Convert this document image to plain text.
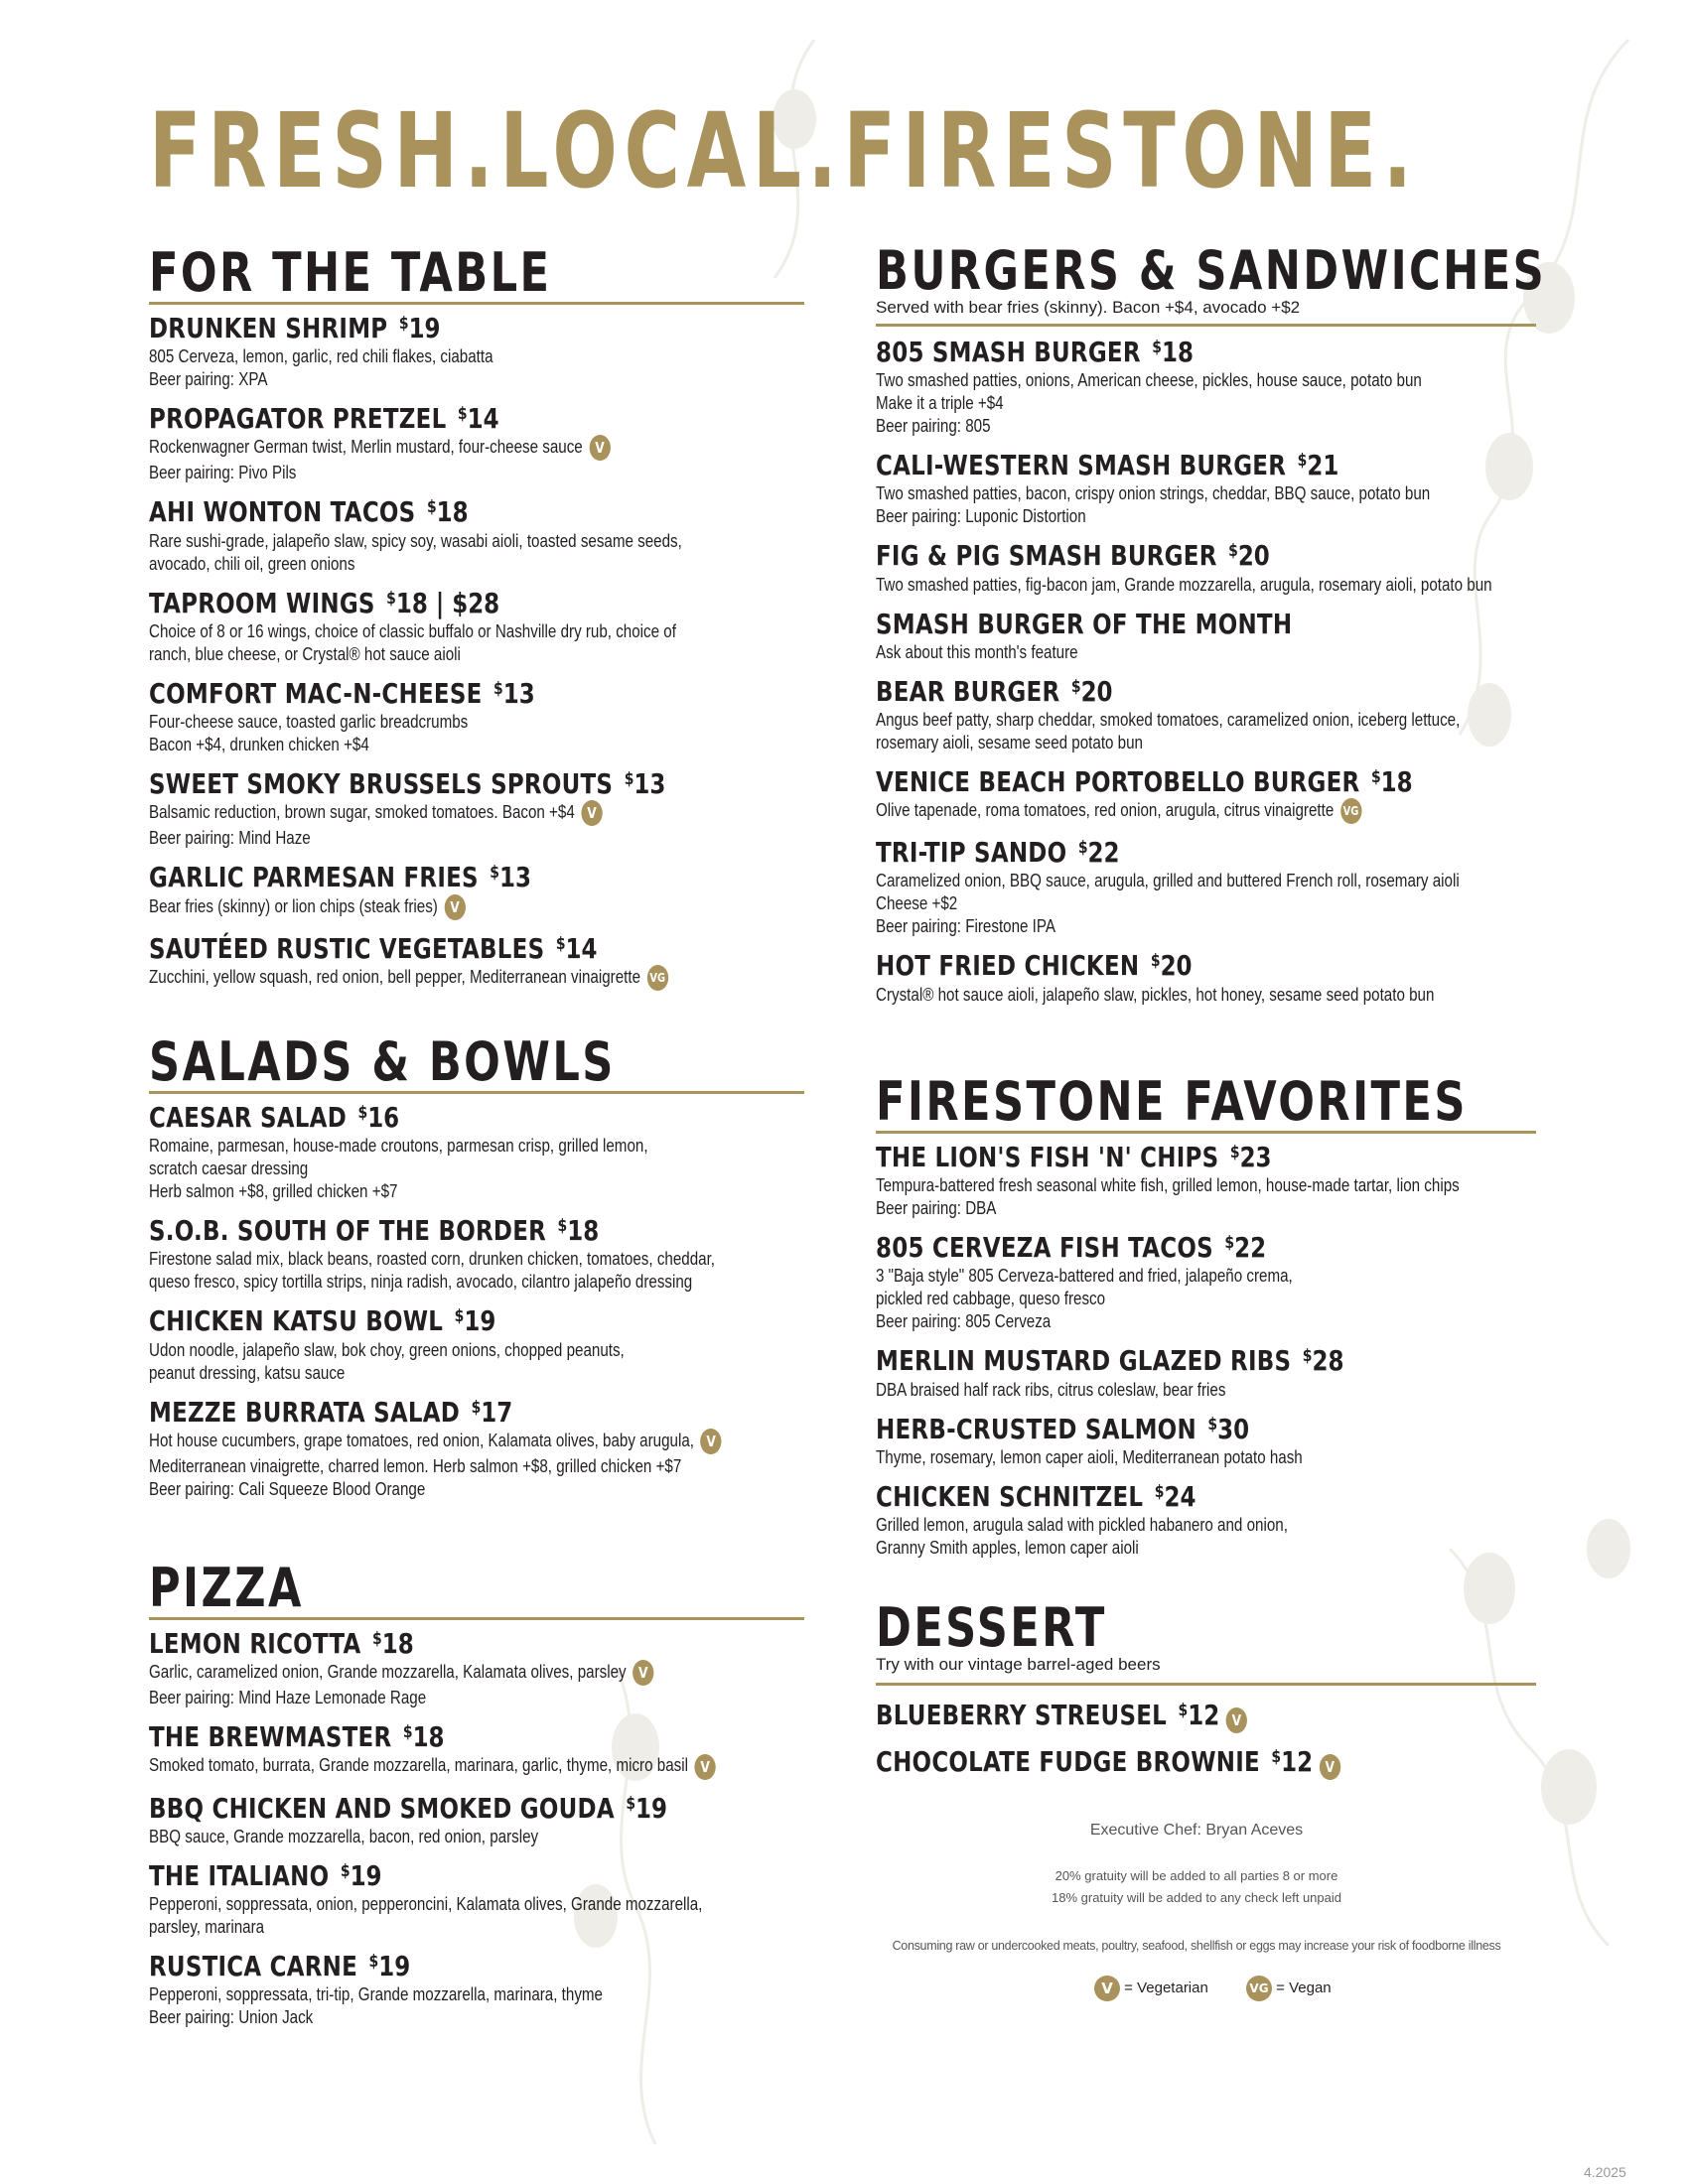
FRESH.LOCAL.FIRESTONE.
FOR THE TABLE
DRUNKEN SHRIMP $19
805 Cerveza, lemon, garlic, red chili flakes, ciabatta
Beer pairing: XPA
PROPAGATOR PRETZEL $14
Rockenwagner German twist, Merlin mustard, four-cheese sauce V
Beer pairing: Pivo Pils
AHI WONTON TACOS $18
Rare sushi-grade, jalapeño slaw, spicy soy, wasabi aioli, toasted sesame seeds,
avocado, chili oil, green onions
TAPROOM WINGS $18 | $28
Choice of 8 or 16 wings, choice of classic buffalo or Nashville dry rub, choice of
ranch, blue cheese, or Crystal® hot sauce aioli
COMFORT MAC-N-CHEESE $13
Four-cheese sauce, toasted garlic breadcrumbs
Bacon +$4, drunken chicken +$4
SWEET SMOKY BRUSSELS SPROUTS $13
Balsamic reduction, brown sugar, smoked tomatoes. Bacon +$4 V
Beer pairing: Mind Haze
GARLIC PARMESAN FRIES $13
Bear fries (skinny) or lion chips (steak fries) V
SAUTÉED RUSTIC VEGETABLES $14
Zucchini, yellow squash, red onion, bell pepper, Mediterranean vinaigrette VG
SALADS & BOWLS
CAESAR SALAD $16
Romaine, parmesan, house-made croutons, parmesan crisp, grilled lemon,
scratch caesar dressing
Herb salmon +$8, grilled chicken +$7
S.O.B. SOUTH OF THE BORDER $18
Firestone salad mix, black beans, roasted corn, drunken chicken, tomatoes, cheddar,
queso fresco, spicy tortilla strips, ninja radish, avocado, cilantro jalapeño dressing
CHICKEN KATSU BOWL $19
Udon noodle, jalapeño slaw, bok choy, green onions, chopped peanuts,
peanut dressing, katsu sauce
MEZZE BURRATA SALAD $17
Hot house cucumbers, grape tomatoes, red onion, Kalamata olives, baby arugula, V
Mediterranean vinaigrette, charred lemon. Herb salmon +$8, grilled chicken +$7
Beer pairing: Cali Squeeze Blood Orange
PIZZA
LEMON RICOTTA $18
Garlic, caramelized onion, Grande mozzarella, Kalamata olives, parsley V
Beer pairing: Mind Haze Lemonade Rage
THE BREWMASTER $18
Smoked tomato, burrata, Grande mozzarella, marinara, garlic, thyme, micro basil V
BBQ CHICKEN AND SMOKED GOUDA $19
BBQ sauce, Grande mozzarella, bacon, red onion, parsley
THE ITALIANO $19
Pepperoni, soppressata, onion, pepperoncini, Kalamata olives, Grande mozzarella,
parsley, marinara
RUSTICA CARNE $19
Pepperoni, soppressata, tri-tip, Grande mozzarella, marinara, thyme
Beer pairing: Union Jack
BURGERS & SANDWICHES
Served with bear fries (skinny). Bacon +$4, avocado +$2
805 SMASH BURGER $18
Two smashed patties, onions, American cheese, pickles, house sauce, potato bun
Make it a triple +$4
Beer pairing: 805
CALI-WESTERN SMASH BURGER $21
Two smashed patties, bacon, crispy onion strings, cheddar, BBQ sauce, potato bun
Beer pairing: Luponic Distortion
FIG & PIG SMASH BURGER $20
Two smashed patties, fig-bacon jam, Grande mozzarella, arugula, rosemary aioli, potato bun
SMASH BURGER OF THE MONTH
Ask about this month's feature
BEAR BURGER $20
Angus beef patty, sharp cheddar, smoked tomatoes, caramelized onion, iceberg lettuce,
rosemary aioli, sesame seed potato bun
VENICE BEACH PORTOBELLO BURGER $18
Olive tapenade, roma tomatoes, red onion, arugula, citrus vinaigrette VG
TRI-TIP SANDO $22
Caramelized onion, BBQ sauce, arugula, grilled and buttered French roll, rosemary aioli
Cheese +$2
Beer pairing: Firestone IPA
HOT FRIED CHICKEN $20
Crystal® hot sauce aioli, jalapeño slaw, pickles, hot honey, sesame seed potato bun
FIRESTONE FAVORITES
THE LION'S FISH 'N' CHIPS $23
Tempura-battered fresh seasonal white fish, grilled lemon, house-made tartar, lion chips
Beer pairing: DBA
805 CERVEZA FISH TACOS $22
3 "Baja style" 805 Cerveza-battered and fried, jalapeño crema,
pickled red cabbage, queso fresco
Beer pairing: 805 Cerveza
MERLIN MUSTARD GLAZED RIBS $28
DBA braised half rack ribs, citrus coleslaw, bear fries
HERB-CRUSTED SALMON $30
Thyme, rosemary, lemon caper aioli, Mediterranean potato hash
CHICKEN SCHNITZEL $24
Grilled lemon, arugula salad with pickled habanero and onion,
Granny Smith apples, lemon caper aioli
DESSERT
Try with our vintage barrel-aged beers
BLUEBERRY STREUSEL $12 V
CHOCOLATE FUDGE BROWNIE $12 V
Executive Chef: Bryan Aceves
20% gratuity will be added to all parties 8 or more
18% gratuity will be added to any check left unpaid
Consuming raw or undercooked meats, poultry, seafood, shellfish or eggs may increase your risk of foodborne illness
V = Vegetarian	VG = Vegan
4.2025
